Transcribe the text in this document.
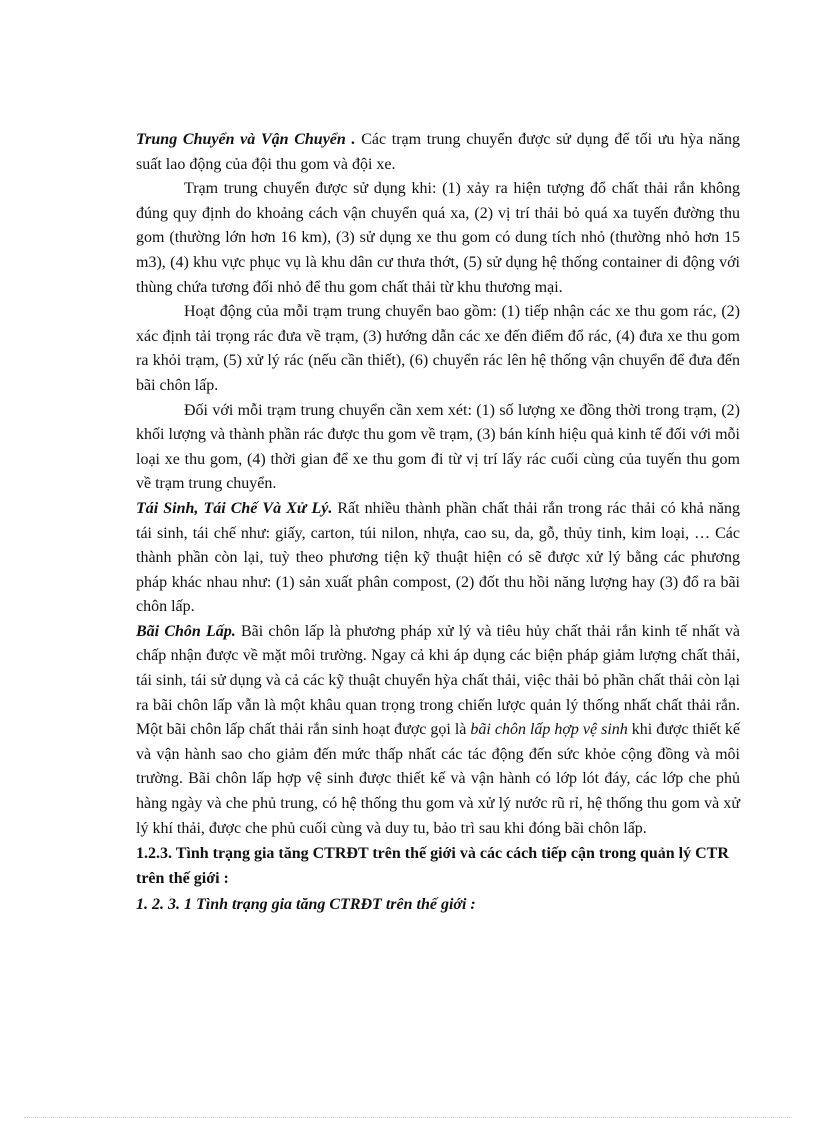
Trung Chuyển và Vận Chuyển . Các trạm trung chuyển được sử dụng để tối ưu hỳa năng suất lao động của đội thu gom và đội xe.

Trạm trung chuyển được sử dụng khi: (1) xảy ra hiện tượng đổ chất thải rắn không đúng quy định do khoảng cách vận chuyển quá xa, (2) vị trí thải bỏ quá xa tuyến đường thu gom (thường lớn hơn 16 km), (3) sử dụng xe thu gom có dung tích nhỏ (thường nhỏ hơn 15 m3), (4) khu vực phục vụ là khu dân cư thưa thớt, (5) sử dụng hệ thống container di động với thùng chứa tương đối nhỏ để thu gom chất thải từ khu thương mại.

Hoạt động của mỗi trạm trung chuyển bao gồm: (1) tiếp nhận các xe thu gom rác, (2) xác định tải trọng rác đưa về trạm, (3) hướng dẫn các xe đến điểm đổ rác, (4) đưa xe thu gom ra khỏi trạm, (5) xử lý rác (nếu cần thiết), (6) chuyển rác lên hệ thống vận chuyển để đưa đến bãi chôn lấp.

Đối với mỗi trạm trung chuyển cần xem xét: (1) số lượng xe đồng thời trong trạm, (2) khối lượng và thành phần rác được thu gom về trạm, (3) bán kính hiệu quả kinh tế đối với mỗi loại xe thu gom, (4) thời gian để xe thu gom đi từ vị trí lấy rác cuối cùng của tuyến thu gom về trạm trung chuyển.

Tái Sinh, Tái Chế Và Xử Lý. Rất nhiều thành phần chất thải rắn trong rác thải có khả năng tái sinh, tái chế như: giấy, carton, túi nilon, nhựa, cao su, da, gỗ, thủy tinh, kim loại, … Các thành phần còn lại, tuỳ theo phương tiện kỹ thuật hiện có sẽ được xử lý bằng các phương pháp khác nhau như: (1) sản xuất phân compost, (2) đốt thu hồi năng lượng hay (3) đổ ra bãi chôn lấp.

Bãi Chôn Lấp. Bãi chôn lấp là phương pháp xử lý và tiêu hủy chất thải rắn kinh tế nhất và chấp nhận được về mặt môi trường. Ngay cả khi áp dụng các biện pháp giảm lượng chất thải, tái sinh, tái sử dụng và cả các kỹ thuật chuyển hỳa chất thải, việc thải bỏ phần chất thải còn lại ra bãi chôn lấp vẫn là một khâu quan trọng trong chiến lược quản lý thống nhất chất thải rắn. Một bãi chôn lấp chất thải rắn sinh hoạt được gọi là bãi chôn lấp hợp vệ sinh khi được thiết kế và vận hành sao cho giảm đến mức thấp nhất các tác động đến sức khỏe cộng đồng và môi trường. Bãi chôn lấp hợp vệ sinh được thiết kế và vận hành có lớp lót đáy, các lớp che phủ hàng ngày và che phủ trung, có hệ thống thu gom và xử lý nước rũ rỉ, hệ thống thu gom và xử lý khí thải, được che phủ cuối cùng và duy tu, bảo trì sau khi đóng bãi chôn lấp.

1.2.3. Tình trạng gia tăng CTRĐT trên thế giới và các cách tiếp cận trong quản lý CTR trên thế giới :

1. 2. 3. 1 Tình trạng gia tăng CTRĐT trên thế giới :
